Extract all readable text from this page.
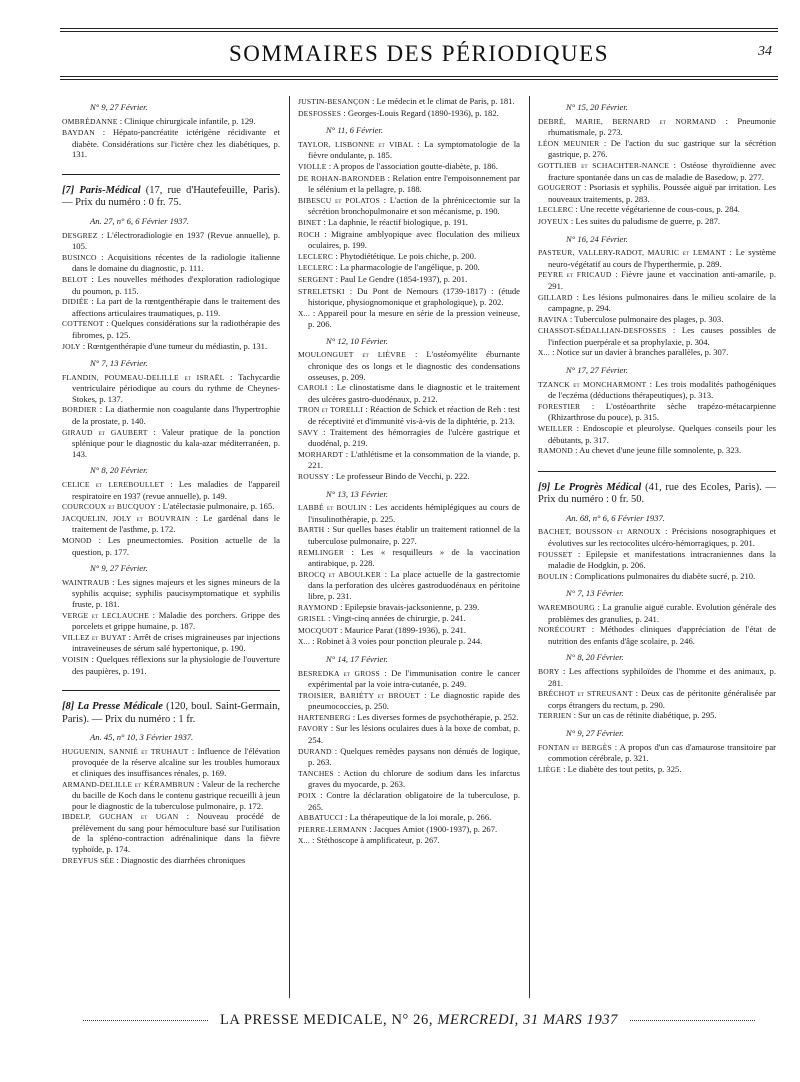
SOMMAIRES DES PÉRIODIQUES	34
N° 9, 27 Février.

OMBRÉDANNE : Clinique chirurgicale infantile, p. 129.

BAYDAN : Hépato-pancréatite ictérigène récidivante et diabète. Considérations sur l'ictère chez les diabétiques, p. 131.

[7] Paris-Médical (17, rue d'Hautefeuille, Paris). — Prix du numéro : 0 fr. 75.
An. 27, n° 6, 6 Février 1937.

DESGREZ : L'électroradiologie en 1937 (Revue annuelle), p. 105.

BUSINCO : Acquisitions récentes de la radiologie italienne dans le domaine du diagnostic, p. 111.

BELOT : Les nouvelles méthodes d'exploration radiologique du poumon, p. 115.

DIDIÉE : La part de la rœntgenthérapie dans le traitement des affections articulaires traumatiques, p. 119.

COTTENOT : Quelques considérations sur la radiothérapie des fibromes, p. 125.

JOLY : Rœntgenthérapie d'une tumeur du médiastin, p. 131.

N° 7, 13 Février.

FLANDIN, POUMEAU-DELILLE et ISRAËL : Tachycardie ventriculaire périodique au cours du rythme de Cheynes-Stokes, p. 137.

BORDIER : La diathermie non coagulante dans l'hypertrophie de la prostate, p. 140.

GIRAUD et GAUBERT : Valeur pratique de la ponction splénique pour le diagnostic du kala-azar méditerranéen, p. 143.

N° 8, 20 Février.

CELICE et LEREBOULLET : Les maladies de l'appareil respiratoire en 1937 (revue annuelle), p. 149.

COURCOUX et BUCQUOY : L'atélectasie pulmonaire, p. 165.

JACQUELIN, JOLY et BOUVRAIN : Le gardénal dans le traitement de l'asthme, p. 172.

MONOD : Les pneumectomies. Position actuelle de la question, p. 177.

N° 9, 27 Février.

WAINTRAUB : Les signes majeurs et les signes mineurs de la syphilis acquise; syphilis paucisymptomatique et syphilis fruste, p. 181.

VERGE et LECLAUCHE : Maladie des porchers. Grippe des porcelets et grippe humaine, p. 187.

VILLEZ et BUYAT : Arrêt de crises migraineuses par injections intraveineuses de sérum salé hypertonique, p. 190.

VOISIN : Quelques réflexions sur la physiologie de l'ouverture des paupières, p. 191.

[8] La Presse Médicale (120, boul. Saint-Germain, Paris). — Prix du numéro : 1 fr.
An. 45, n° 10, 3 Février 1937.

HUGUENIN, SANNIÉ et TRUHAUT : Influence de l'élévation provoquée de la réserve alcaline sur les troubles humoraux et cliniques des insuffisances rénales, p. 169.

ARMAND-DELILLE et KÉRAMBRUN : Valeur de la recherche du bacille de Koch dans le contenu gastrique recueilli à jeun pour le diagnostic de la tuberculose pulmonaire, p. 172.

IBDELP, GUCHAN et UGAN : Nouveau procédé de prélèvement du sang pour hémoculture basé sur l'utilisation de la spléno-contraction adrénalinique dans la fièvre typhoïde, p. 174.

DREYFUS SÉE : Diagnostic des diarrhées chroniques

JUSTIN-BESANÇON : Le médecin et le climat de Paris, p. 181.

DESFOSSES : Georges-Louis Regard (1890-1936), p. 182.

N° 11, 6 Février.

TAYLOR, LISBONNE et VIBAL : La symptomatologie de la fièvre ondulante, p. 185.

VIOLLE : A propos de l'association goutte-diabète, p. 186.

DE ROHAN-BARONDEB : Relation entre l'empoisonnement par le sélénium et la pellagre, p. 188.

BIBESCU et POLATOS : L'action de la phrénicectomie sur la sécrétion bronchopulmonaire et son mécanisme, p. 190.

BINET : La daphnie, le réactif biologique, p. 191.

ROCH : Migraine amblyopique avec floculation des milieux oculaires, p. 199.

LECLERC : Phytodiététique. Le pois chiche, p. 200.

LECLERC : La pharmacologie de l'angélique, p. 200.

SERGENT : Paul Le Gendre (1854-1937), p. 201.

STRELETSKI : Du Pont de Nemours (1739-1817) : (étude historique, physiognomonique et graphologique), p. 202.

X... : Appareil pour la mesure en série de la pression veineuse, p. 206.

N° 12, 10 Février.

MOULONGUET et LIÈVRE : L'ostéomyélite éburnante chronique des os longs et le diagnostic des condensations osseuses, p. 209.

CAROLI : Le clinostatisme dans le diagnostic et le traitement des ulcères gastro-duodénaux, p. 212.

TRON et TORELLI : Réaction de Schick et réaction de Reh : test de réceptivité et d'immunité vis-à-vis de la diphtérie, p. 213.

SAVY : Traitement des hémorragies de l'ulcère gastrique et duodénal, p. 219.

MORHARDT : L'athlétisme et la consommation de la viande, p. 221.

ROUSSY : Le professeur Bindo de Vecchi, p. 222.

N° 13, 13 Février.

LABBÉ et BOULIN : Les accidents hémiplégiques au cours de l'insulinothérapie, p. 225.

BARTH : Sur quelles bases établir un traitement rationnel de la tuberculose pulmonaire, p. 227.

REMLINGER : Les « resquilleurs » de la vaccination antirabique, p. 228.

BROCQ et ABOULKER : La place actuelle de la gastrectomie dans la perforation des ulcères gastroduodénaux en péritoine libre, p. 231.

RAYMOND : Epilepsie bravais-jacksonienne, p. 239.

GRISEL : Vingt-cinq années de chirurgie, p. 241.

MOCQUOT : Maurice Parat (1899-1936), p. 241.

X... : Robinet à 3 voies pour ponction pleurale p. 244.

N° 14, 17 Février.

BESREDKA et GROSS : De l'immunisation contre le cancer expérimental par la voie intra-cutanée, p. 249.

TROISIER, BARIÉTY et BROUET : Le diagnostic rapide des pneumococcies, p. 250.

HARTENBERG : Les diverses formes de psychothérapie, p. 252.

FAVORY : Sur les lésions oculaires dues à la boxe de combat, p. 254.

DURAND : Quelques remèdes paysans non dénués de logique, p. 263.

TANCHES : Action du chlorure de sodium dans les infarctus graves du myocarde, p. 263.

POIX : Contre la déclaration obligatoire de la tuberculose, p. 265.

ABBATUCCI : La thérapeutique de la loi morale, p. 266.

PIERRE-LERMANN : Jacques Amiot (1900-1937), p. 267.

X... : Stéthoscope à amplificateur, p. 267.

N° 15, 20 Février.

DEBRÉ, MARIE, BERNARD et NORMAND : Pneumonie rhumatismale, p. 273.

LÉON MEUNIER : De l'action du suc gastrique sur la sécrétion gastrique, p. 276.

GOTTLIEB et SCHACHTER-NANCE : Ostéose thyroïdienne avec fracture spontanée dans un cas de maladie de Basedow, p. 277.

GOUGEROT : Psoriasis et syphilis. Poussée aiguë par irritation. Les nouveaux traitements, p. 283.

LECLERC : Une recette végétarienne de cous-cous, p. 284.

JOYEUX : Les suites du paludisme de guerre, p. 287.

N° 16, 24 Février.

PASTEUR, VALLERY-RADOT, MAURIC et LEMANT : Le système neuro-végétatif au cours de l'hyperthermie, p. 289.

PEYRE et FRICAUD : Fièvre jaune et vaccination anti-amarile, p. 291.

GILLARD : Les lésions pulmonaires dans le milieu scolaire de la campagne, p. 294.

RAVINA : Tuberculose pulmonaire des plages, p. 303.

CHASSOT-SÉDALLIAN-DESFOSSES : Les causes possibles de l'infection puerpérale et sa prophylaxie, p. 304.

X... : Notice sur un davier à branches parallèles, p. 307.

N° 17, 27 Février.

TZANCK et MONCHARMONT : Les trois modalités pathogéniques de l'eczéma (déductions thérapeutiques), p. 313.

FORESTIER : L'ostéoarthrite sèche trapézo-métacarpienne (Rhizarthrose du pouce), p. 315.

WEILLER : Endoscopie et pleurolyse. Quelques conseils pour les débutants, p. 317.

RAMOND : Au chevet d'une jeune fille somnolente, p. 323.

[9] Le Progrès Médical (41, rue des Ecoles, Paris). — Prix du numéro : 0 fr. 50.
An. 68, n° 6, 6 Février 1937.

BACHET, BOUSSON et ARNOUX : Précisions nosographiques et évolutives sur les rectocolites ulcéro-hémorragiques, p. 201.

FOUSSET : Epilepsie et manifestations intracraniennes dans la maladie de Hodgkin, p. 206.

BOULIN : Complications pulmonaires du diabète sucré, p. 210.

N° 7, 13 Février.

WAREMBOURG : La granulie aiguë curable. Evolution générale des problèmes des granulies, p. 241.

NORÉCOURT : Méthodes cliniques d'appréciation de l'état de nutrition des enfants d'âge scolaire, p. 246.

N° 8, 20 Février.

BORY : Les affections syphiloïdes de l'homme et des animaux, p. 281.

BRÉCHOT et STREUSANT : Deux cas de péritonite généralisée par corps étrangers du rectum, p. 290.

TERRIEN : Sur un cas de rétinite diabétique, p. 295.

N° 9, 27 Février.

FONTAN et BERGÈS : A propos d'un cas d'amaurose transitoire par commotion cérébrale, p. 321.

LIÈGE : Le diabète des tout petits, p. 325.

LA PRESSE MEDICALE, N° 26, MERCREDI, 31 MARS 1937
